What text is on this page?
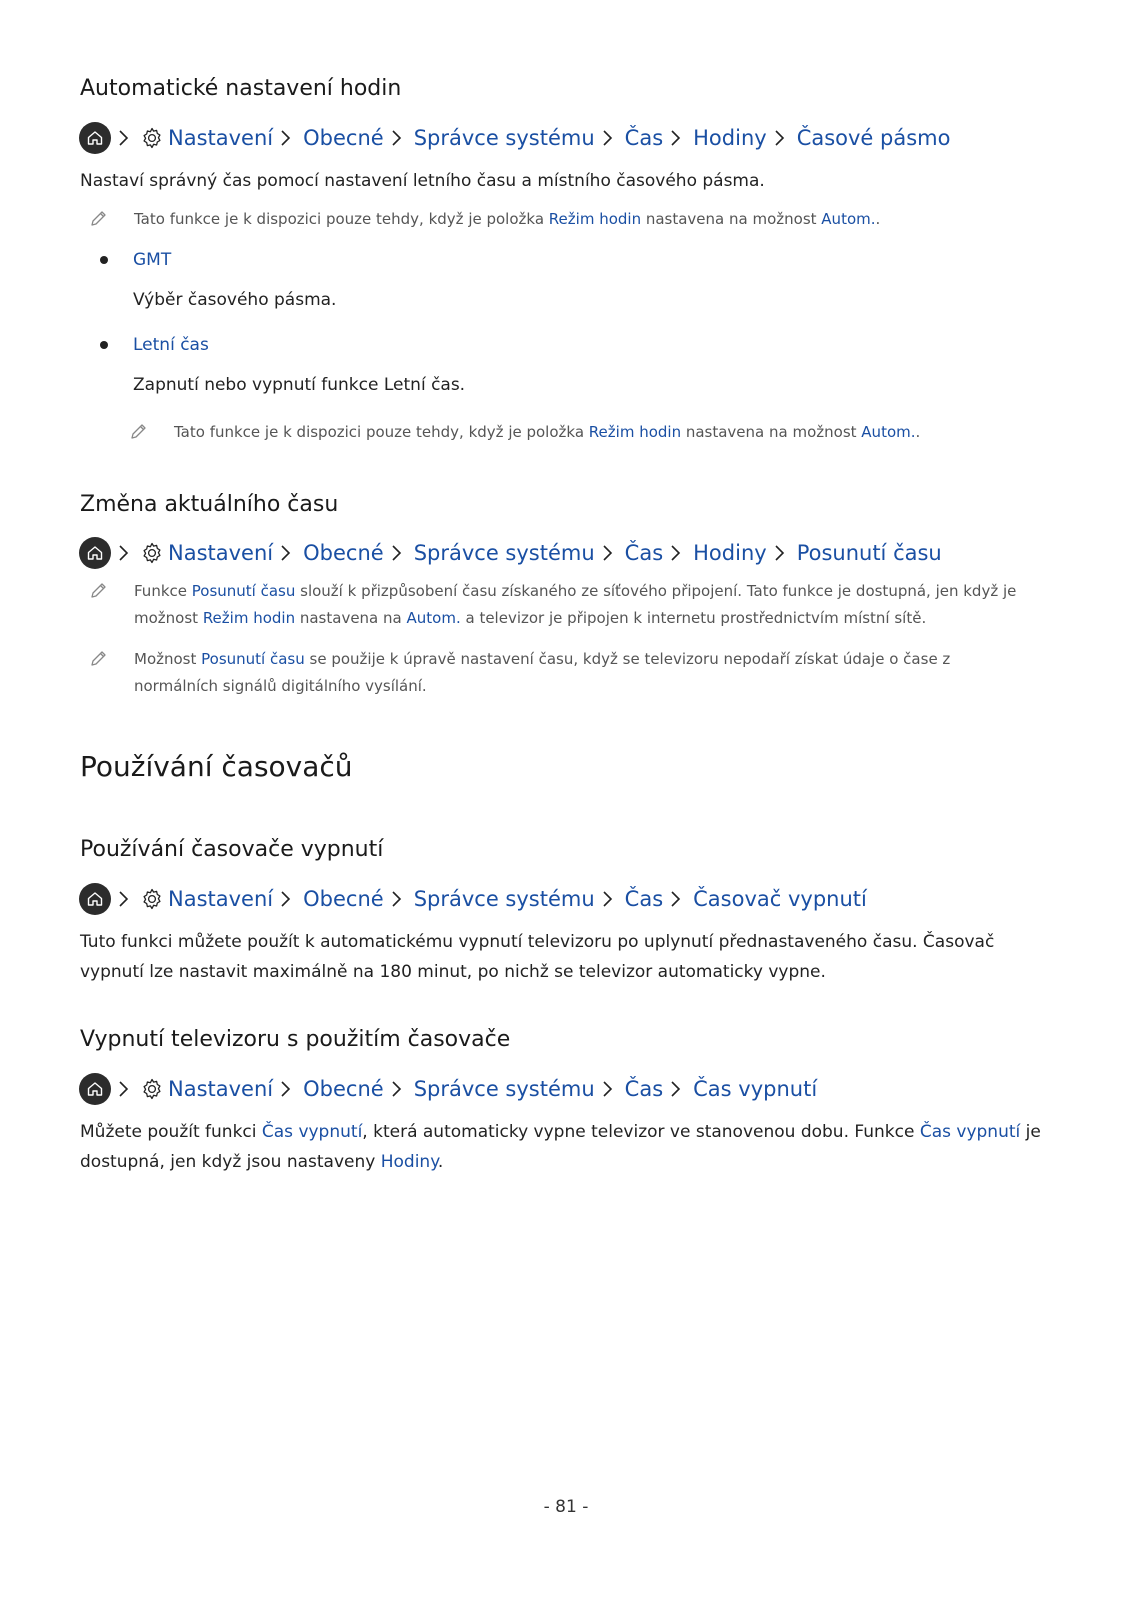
Automatické nastavení hodin
Nastavení Obecné Správce systému Čas Hodiny Časové pásmo

Nastaví správný čas pomocí nastavení letního času a místního časového pásma.

Tato funkce je k dispozici pouze tehdy, když je položka Režim hodin nastavena na možnost Autom..

GMT

Výběr časového pásma.

Letní čas

Zapnutí nebo vypnutí funkce Letní čas.

Tato funkce je k dispozici pouze tehdy, když je položka Režim hodin nastavena na možnost Autom..

Změna aktuálního času
Nastavení Obecné Správce systému Čas Hodiny Posunutí času

Funkce Posunutí času slouží k přizpůsobení času získaného ze síťového připojení. Tato funkce je dostupná, jen když je možnost Režim hodin nastavena na Autom. a televizor je připojen k internetu prostřednictvím místní sítě.

Možnost Posunutí času se použije k úpravě nastavení času, když se televizoru nepodaří získat údaje o čase z normálních signálů digitálního vysílání.

Používání časovačů
Používání časovače vypnutí
Nastavení Obecné Správce systému Čas Časovač vypnutí

Tuto funkci můžete použít k automatickému vypnutí televizoru po uplynutí přednastaveného času. Časovač vypnutí lze nastavit maximálně na 180 minut, po nichž se televizor automaticky vypne.

Vypnutí televizoru s použitím časovače
Nastavení Obecné Správce systému Čas Čas vypnutí

Můžete použít funkci Čas vypnutí, která automaticky vypne televizor ve stanovenou dobu. Funkce Čas vypnutí je dostupná, jen když jsou nastaveny Hodiny.

- 81 -
